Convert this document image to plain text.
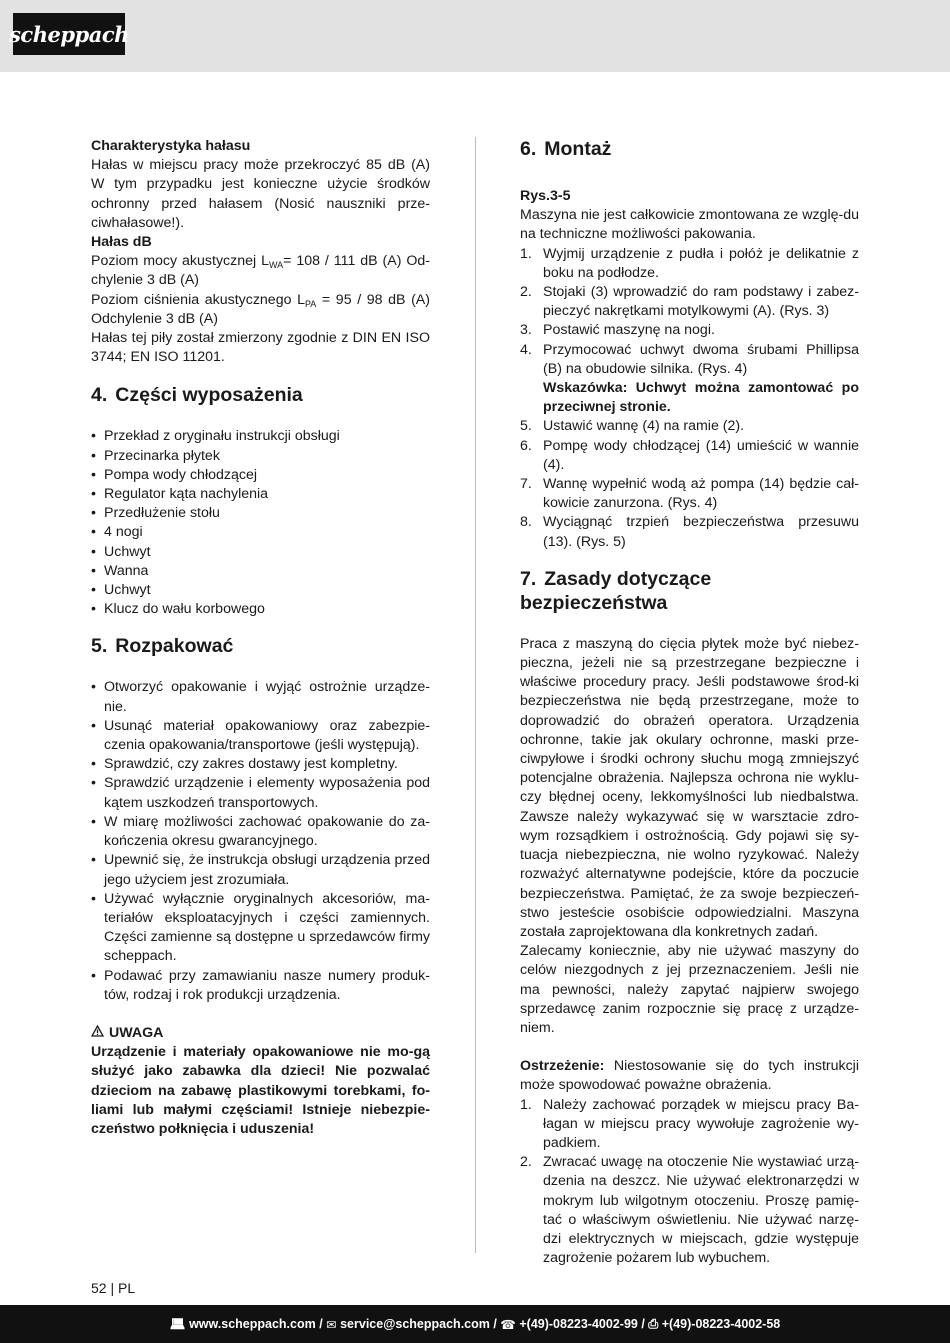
scheppach

Charakterystyka hałasu

Hałas w miejscu pracy może przekroczyć 85 dB (A) W tym przypadku jest konieczne użycie środków ochronny przed hałasem (Nosić nauszniki prze-ciwhałasowe!).

Hałas dB

Poziom mocy akustycznej $L_{WA}= 108 / 111$ dB (A) Od-chylenie 3 dB (A)

Poziom ciśnienia akustycznego $L_{PA} = 95 / 98$ dB (A) Odchylenie 3 dB (A)

Hałas tej piły został zmierzony zgodnie z DIN EN ISO 3744; EN ISO 11201.

4. Części wyposażenia
• Przekład z oryginału instrukcji obsługi
• Przecinarka płytek
• Pompa wody chłodzącej
• Regulator kąta nachylenia
• Przedłużenie stołu
• 4 nogi
• Uchwyt
• Wanna
• Uchwyt
• Klucz do wału korbowego
5. Rozpakować
• Otworzyć opakowanie i wyjąć ostrożnie urządze-nie.
• Usunąć materiał opakowaniowy oraz zabezpie-czenia opakowania/transportowe (jeśli występują).
• Sprawdzić, czy zakres dostawy jest kompletny.
• Sprawdzić urządzenie i elementy wyposażenia pod kątem uszkodzeń transportowych.
• W miarę możliwości zachować opakowanie do za-kończenia okresu gwarancyjnego.
• Upewnić się, że instrukcja obsługi urządzenia przed jego użyciem jest zrozumiała.
• Używać wyłącznie oryginalnych akcesoriów, ma-teriałów eksploatacyjnych i części zamiennych. Części zamienne są dostępne u sprzedawców firmy scheppach.
• Podawać przy zamawianiu nasze numery produk-tów, rodzaj i rok produkcji urządzenia.

UWAGA

Urządzenie i materiały opakowaniowe nie mo-gą służyć jako zabawka dla dzieci! Nie pozwalać dzieciom na zabawę plastikowymi torebkami, fo-liami lub małymi częściami! Istnieje niebezpie-czeństwo połknięcia i uduszenia!

6. Montaż

Rys.3-5

Maszyna nie jest całkowicie zmontowana ze wzglę-du na techniczne możliwości pakowania.

1. Wyjmij urządzenie z pudła i połóż je delikatnie z boku na podłodze.
2. Stojaki (3) wprowadzić do ram podstawy i zabez-pieczyć nakrętkami motylkowymi (A). (Rys. 3)
3. Postawić maszynę na nogi.
4. Przymocować uchwyt dwoma śrubami Phillipsa (B) na obudowie silnika. (Rys. 4)
Wskazówka: Uchwyt można zamontować po przeciwnej stronie.
5. Ustawić wannę (4) na ramie (2).
6. Pompę wody chłodzącej (14) umieścić w wannie (4).
7. Wannę wypełnić wodą aż pompa (14) będzie cał-kowicie zanurzona. (Rys. 4)
8. Wyciągnąć trzpień bezpieczeństwa przesuwu (13). (Rys. 5)
7. Zasady dotyczące bezpieczeństwa

Praca z maszyną do cięcia płytek może być niebez-pieczna, jeżeli nie są przestrzegane bezpieczne i właściwe procedury pracy. Jeśli podstawowe środ-ki bezpieczeństwa nie będą przestrzegane, może to doprowadzić do obrażeń operatora. Urządzenia ochronne, takie jak okulary ochronne, maski prze-ciwpyłowe i środki ochrony słuchu mogą zmniejszyć potencjalne obrażenia. Najlepsza ochrona nie wyklu-czy błędnej oceny, lekkomyślności lub niedbalstwa. Zawsze należy wykazywać się w warsztacie zdro-wym rozsądkiem i ostrożnością. Gdy pojawi się sy-tuacja niebezpieczna, nie wolno ryzykować. Należy rozważyć alternatywne podejście, które da poczucie bezpieczeństwa. Pamiętać, że za swoje bezpieczeń-stwo jesteście osobiście odpowiedzialni. Maszyna została zaprojektowana dla konkretnych zadań.

Zalecamy koniecznie, aby nie używać maszyny do celów niezgodnych z jej przeznaczeniem. Jeśli nie ma pewności, należy zapytać najpierw swojego sprzedawcę zanim rozpocznie się pracę z urządze-niem.

Ostrzeżenie: Niestosowanie się do tych instrukcji może spowodować poważne obrażenia.

1. Należy zachować porządek w miejscu pracy Ba-łagan w miejscu pracy wywołuje zagrożenie wy-padkiem.
2. Zwracać uwagę na otoczenie Nie wystawiać urzą-dzenia na deszcz. Nie używać elektronarzędzi w mokrym lub wilgotnym otoczeniu. Proszę pamię-tać o właściwym oświetleniu. Nie używać narzę-dzi elektrycznych w miejscach, gdzie występuje zagrożenie pożarem lub wybuchem.
52 | PL
💻︎ www.scheppach.com / ✉︎ service@scheppach.com / ☎︎ +(49)-08223-4002-99 / ⎙ +(49)-08223-4002-58
